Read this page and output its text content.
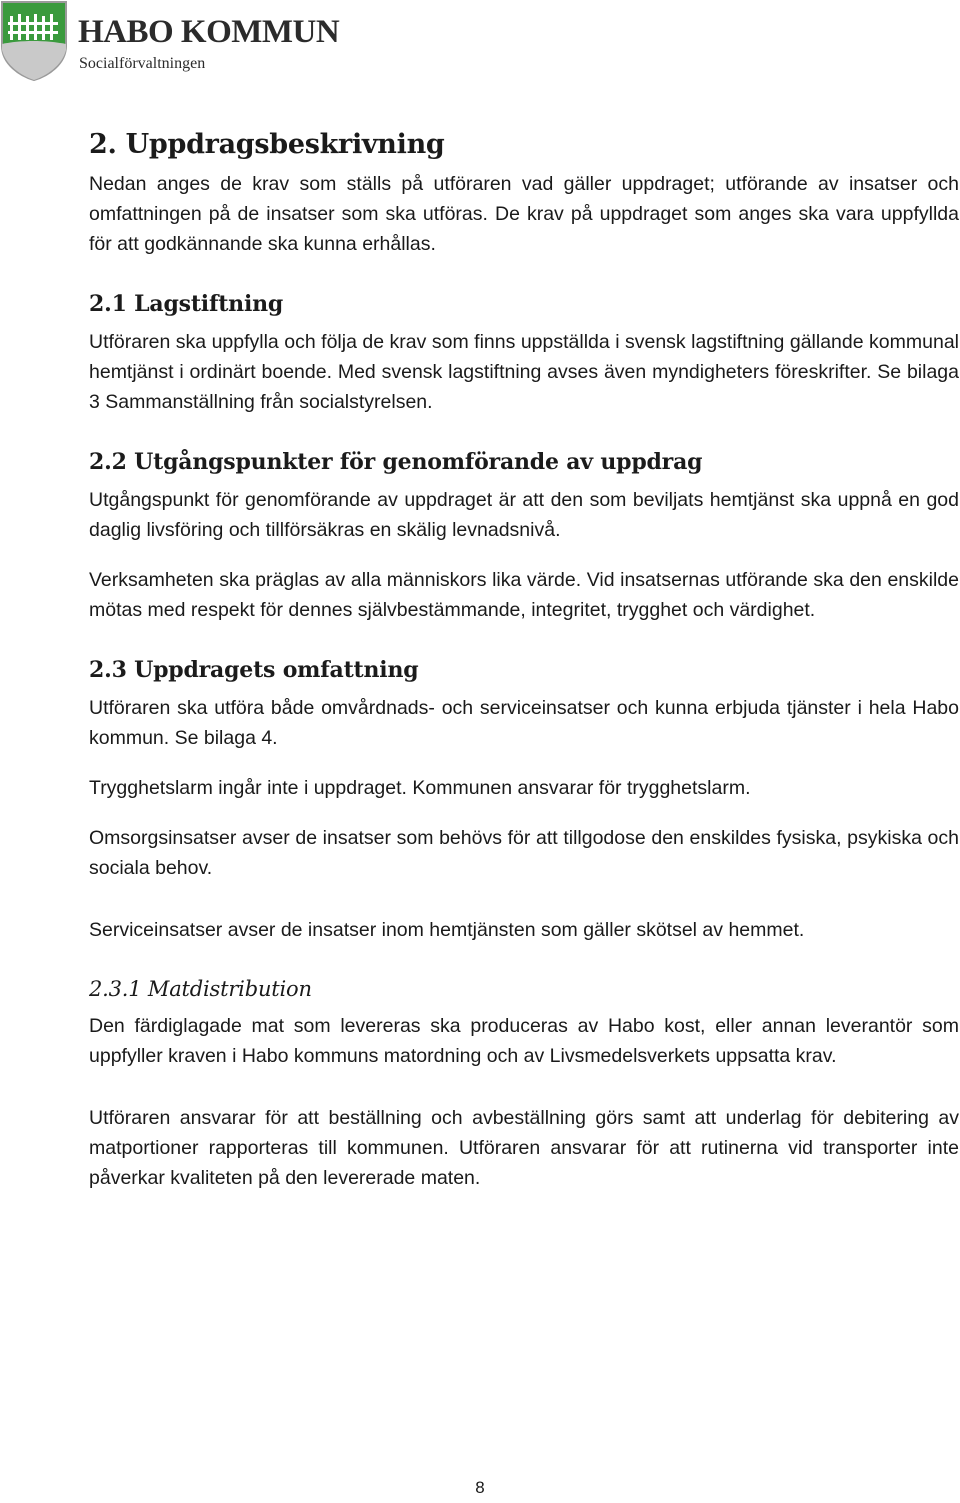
HABO KOMMUN
Socialförvaltningen
2. Uppdragsbeskrivning

Nedan anges de krav som ställs på utföraren vad gäller uppdraget; utförande av insatser och omfattningen på de insatser som ska utföras. De krav på uppdraget som anges ska vara uppfyllda för att godkännande ska kunna erhållas.

2.1 Lagstiftning

Utföraren ska uppfylla och följa de krav som finns uppställda i svensk lagstiftning gällande kommunal hemtjänst i ordinärt boende. Med svensk lagstiftning avses även myndigheters föreskrifter. Se bilaga 3 Sammanställning från socialstyrelsen.

2.2 Utgångspunkter för genomförande av uppdrag

Utgångspunkt för genomförande av uppdraget är att den som beviljats hemtjänst ska uppnå en god daglig livsföring och tillförsäkras en skälig levnadsnivå.

Verksamheten ska präglas av alla människors lika värde. Vid insatsernas utförande ska den enskilde mötas med respekt för dennes självbestämmande, integritet, trygghet och värdighet.

2.3 Uppdragets omfattning

Utföraren ska utföra både omvårdnads- och serviceinsatser och kunna erbjuda tjänster i hela Habo kommun. Se bilaga 4.

Trygghetslarm ingår inte i uppdraget. Kommunen ansvarar för trygghetslarm.

Omsorgsinsatser avser de insatser som behövs för att tillgodose den enskildes fysiska, psykiska och sociala behov.

Serviceinsatser avser de insatser inom hemtjänsten som gäller skötsel av hemmet.

2.3.1 Matdistribution

Den färdiglagade mat som levereras ska produceras av Habo kost, eller annan leverantör som uppfyller kraven i Habo kommuns matordning och av Livsmedelsverkets uppsatta krav.

Utföraren ansvarar för att beställning och avbeställning görs samt att underlag för debitering av matportioner rapporteras till kommunen. Utföraren ansvarar för att rutinerna vid transporter inte påverkar kvaliteten på den levererade maten.

8
